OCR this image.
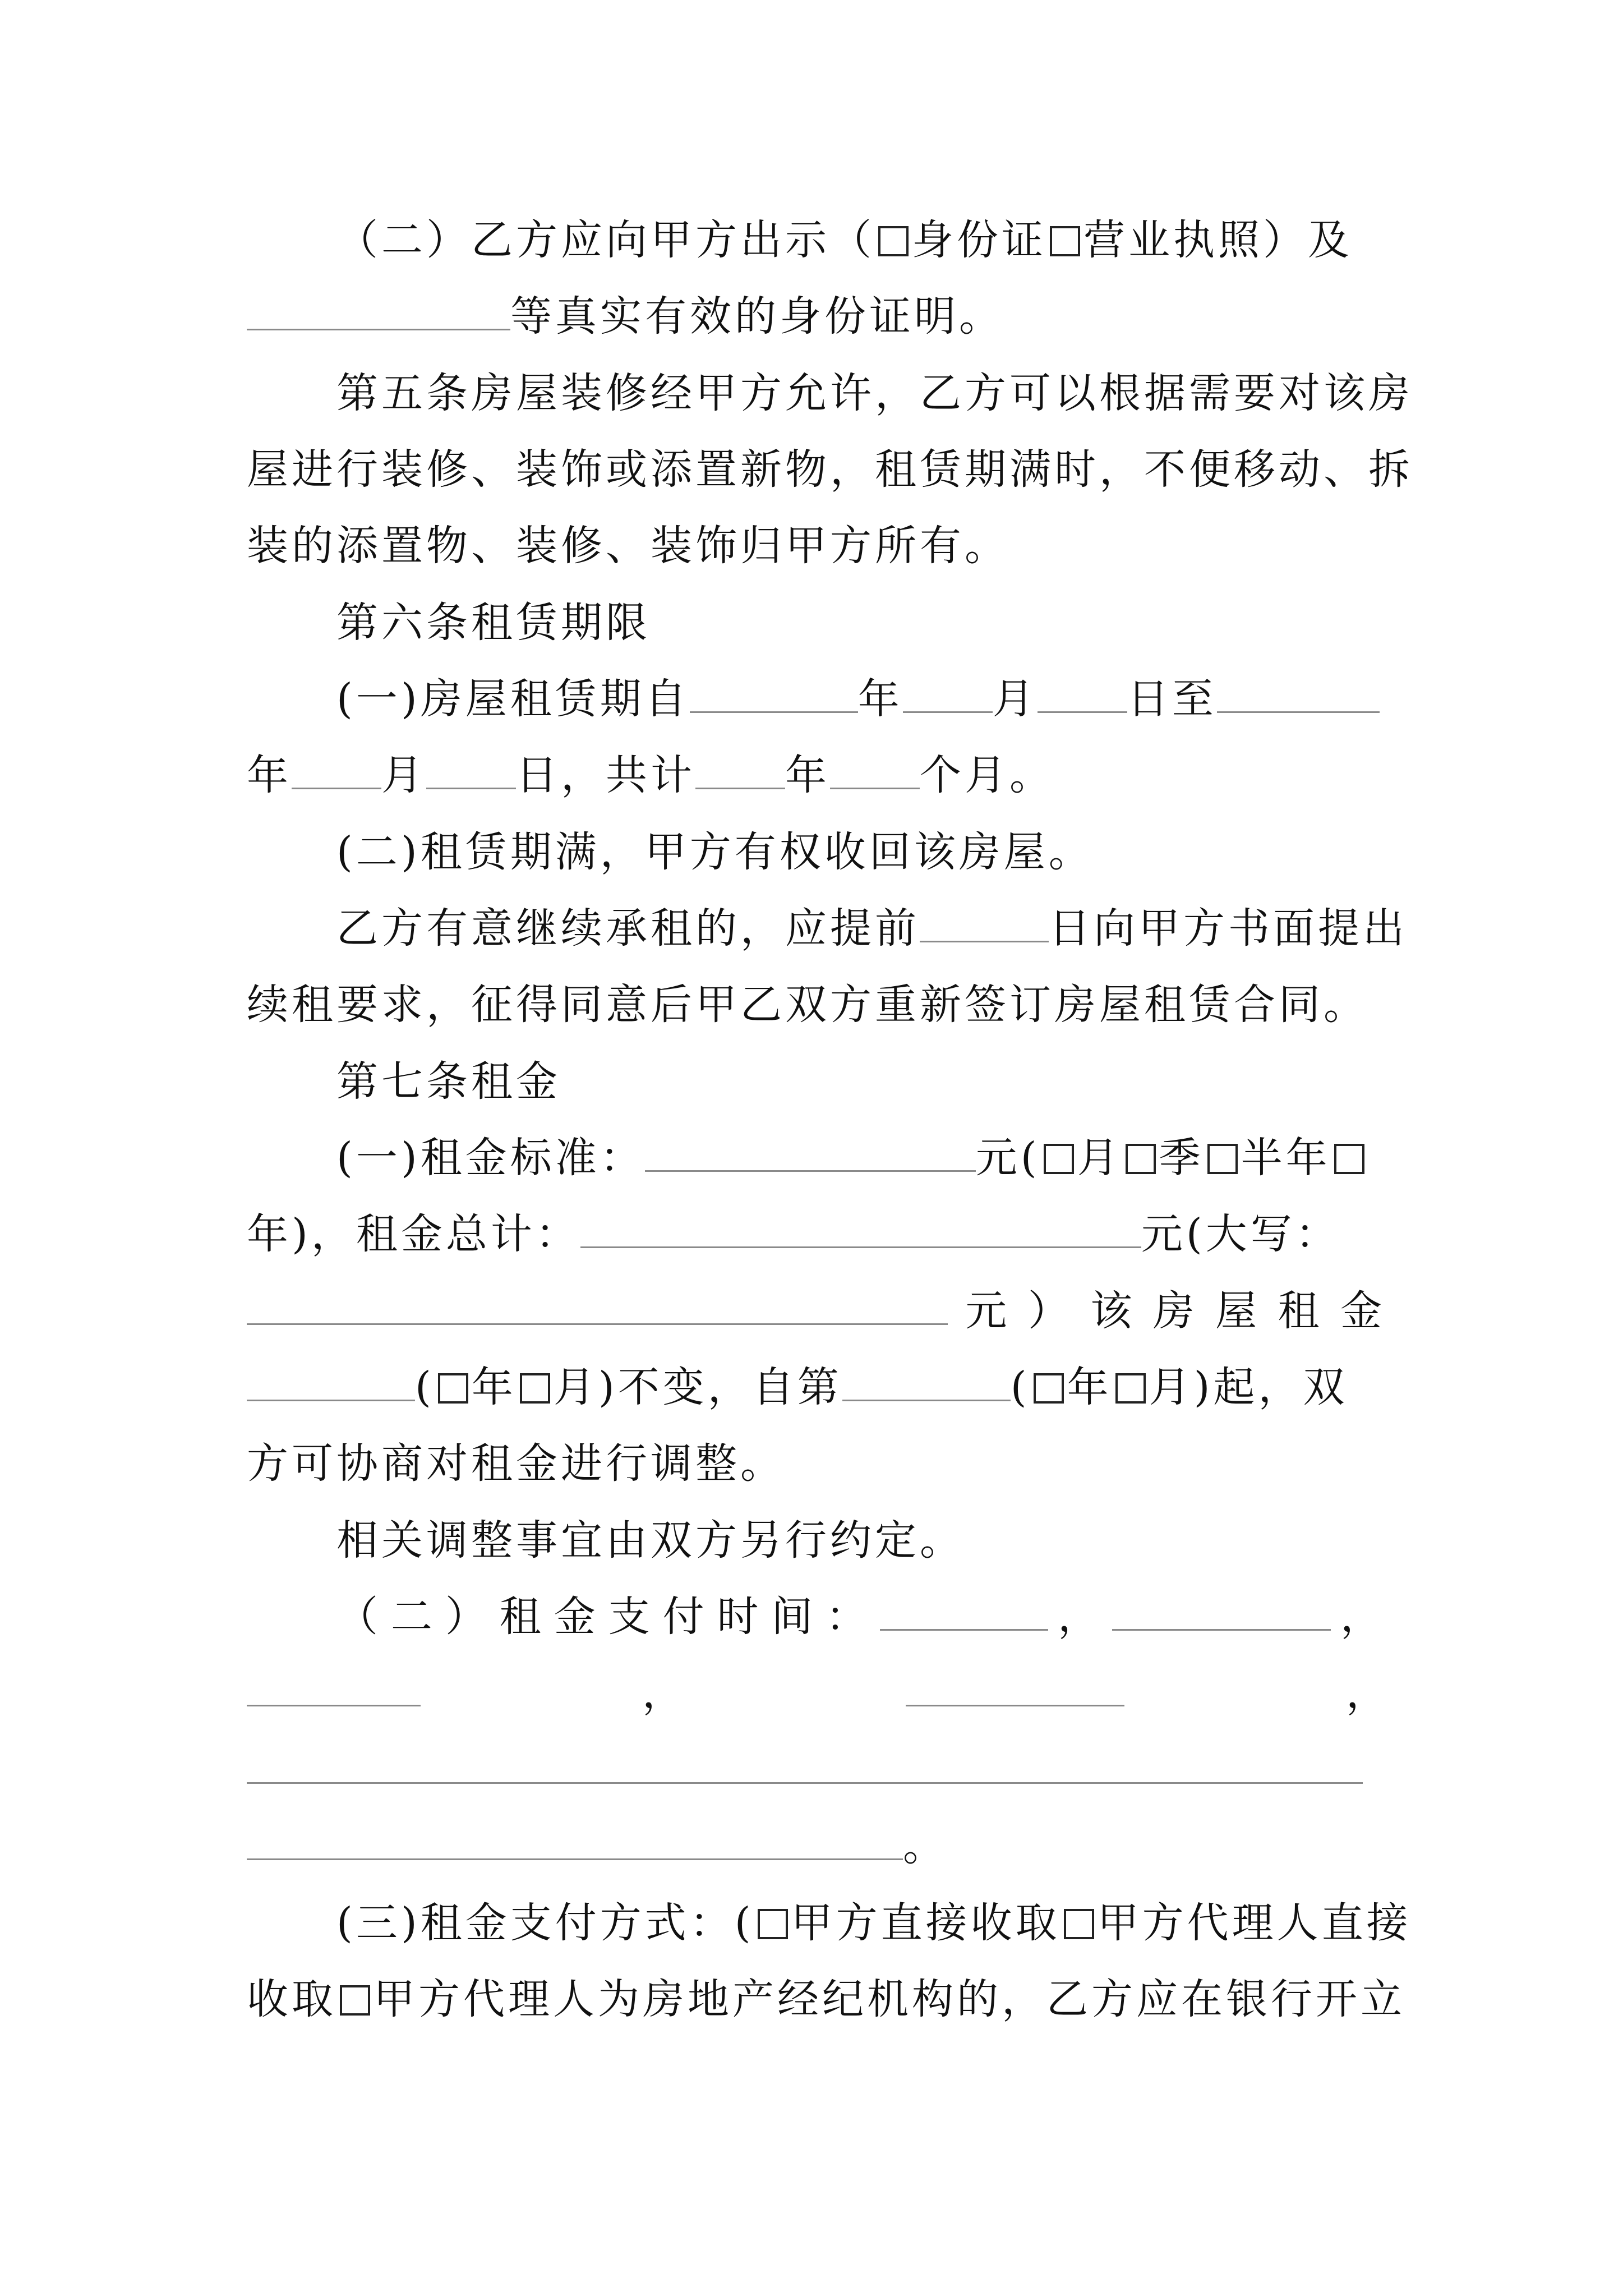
（二）乙方应向甲方出示（ 身份证 营业执照）及
等真实有效的身份证明。
第五条房屋装修经甲方允许，乙方可以根据需要对该房
屋进行装修、装饰或添置新物，租赁期满时，不便移动、拆
装的添置物、装修、装饰归甲方所有。
第六条租赁期限
(一)房屋租赁期自	年 月 日至
年 月 日，共计 年 个月。
(二)租赁期满，甲方有权收回该房屋。
乙方有意继续承租的，应提前	日向甲方书面提出
续租要求，征得同意后甲乙双方重新签订房屋租赁合同。
第七条租金
(一)租金标准：	元( 月 季 半年
年)，租金总计：	元(大写：
元 ） 该 房 屋 租 金
( 年 月)不变，自第	( 年 月)起，双
方可协商对租金进行调整。
相关调整事宜由双方另行约定。
（ 二 ） 租 金 支 付 时 间 ：	，	，
，	，
。
(三)租金支付方式：( 甲方直接收取 甲方代理人直接
收取 甲方代理人为房地产经纪机构的，乙方应在银行开立
